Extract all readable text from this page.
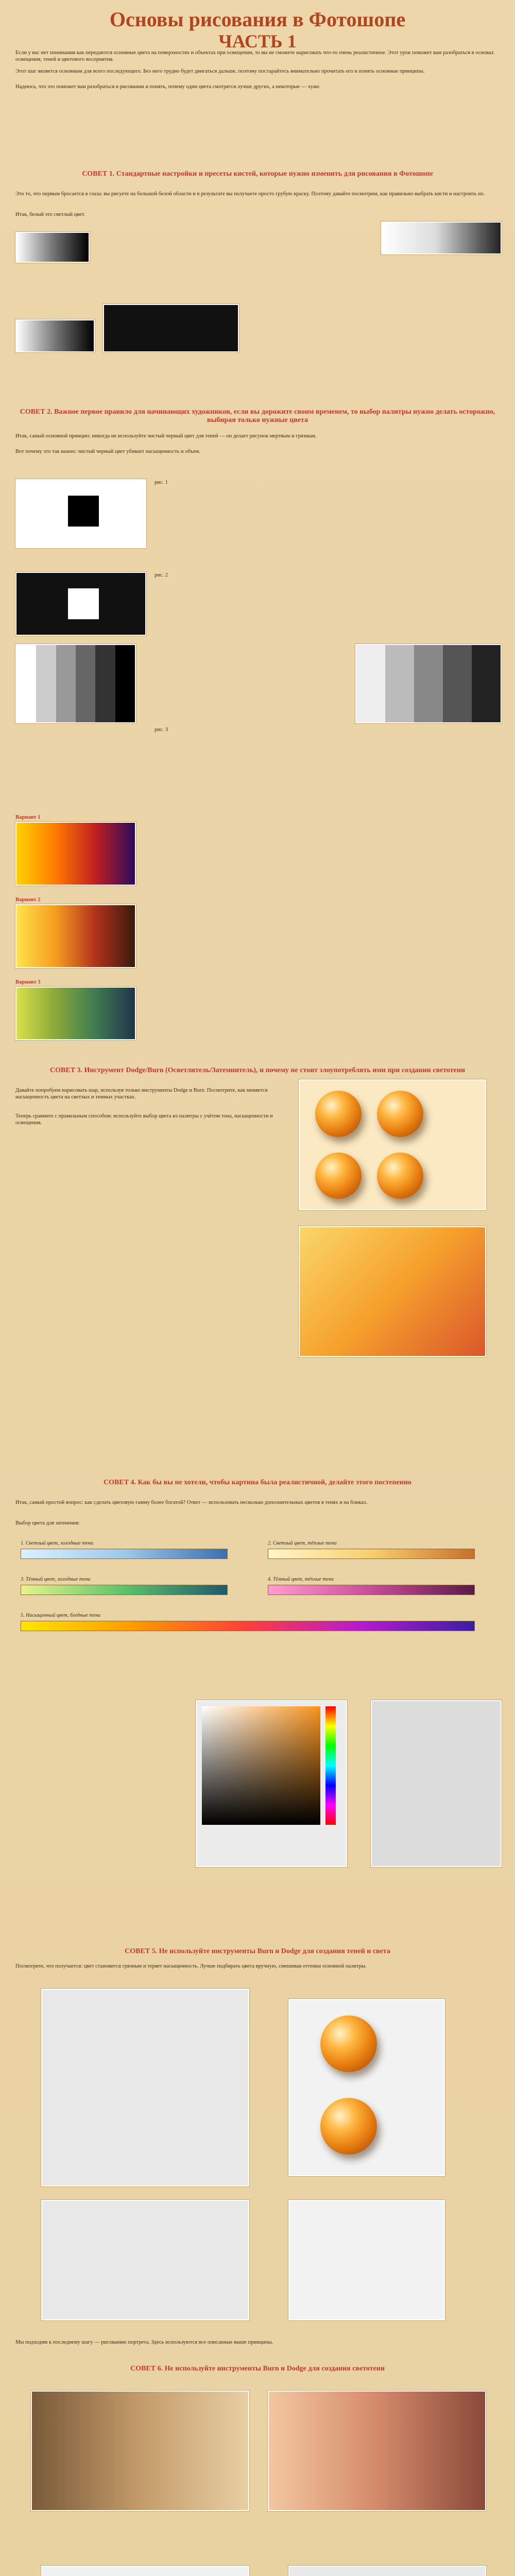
Основы рисования в Фотошопе
ЧАСТЬ 1

Если у вас нет понимания как передаются основные цвета на поверхностях и объектах при освещении, то вы не сможете нарисовать что-то очень реалистичное. Этот урок поможет вам разобраться в основах освещения, теней и цветового восприятия.

Этот шаг является основным для всего последующего. Без него трудно будет двигаться дальше, поэтому постарайтесь внимательно прочитать его и понять основные принципы.

Надеюсь, что это поможет вам разобраться в рисовании и понять, почему одни цвета смотрятся лучше других, а некоторые — хуже.

СОВЕТ 1. Стандартные настройки и пресеты кистей, которые нужно изменить для рисования в Фотошопе

Это то, что первым бросается в глаза: вы рисуете на большой белой области и в результате вы получаете просто грубую краску. Поэтому давайте посмотрим, как правильно выбрать кисти и настроить их.

Итак, белый это светлый цвет.

СОВЕТ 2. Важное первое правило для начинающих художников, если вы дорожите своим временем, то выбор палитры нужно делать осторожно, выбирая только нужные цвета

Итак, самый основной принцип: никогда не используйте чистый черный цвет для теней — он делает рисунок мертвым и грязным.

Вот почему это так важно: чистый черный цвет убивает насыщенность и объем.

рис. 1
рис. 2
рис. 3
Вариант 1
Вариант 2
Вариант 3

СОВЕТ 3. Инструмент Dodge/Burn (Осветлитель/Затемнитель), и почему не стоит злоупотреблять ими при создании светотени

Давайте попробуем нарисовать шар, используя только инструменты Dodge и Burn. Посмотрите, как меняется насыщенность цвета на светлых и темных участках.

Теперь сравните с правильным способом: используйте выбор цвета из палитры с учётом тона, насыщенности и освещения.

СОВЕТ 4. Как бы вы не хотели, чтобы картина была реалистичной, делайте этого постепенно

Итак, самый простой вопрос: как сделать цветовую гамму более богатой? Ответ — использовать несколько дополнительных цветов в тенях и на бликах.

Выбор цвета для затенения:

1. Светлый цвет, холодные тени	2. Светлый цвет, тёплые тени
3. Тёмный цвет, холодные тени	4. Тёмный цвет, тёплые тени
5. Насыщенный цвет, бледные тени

СОВЕТ 5. Не используйте инструменты Burn и Dodge для создания теней и света

Посмотрите, что получается: цвет становится грязным и теряет насыщенность. Лучше подбирать цвета вручную, смешивая оттенки основной палитры.

Мы подходим к последнему шагу — рисованию портрета. Здесь используются все описанные выше принципы.

СОВЕТ 6. Не используйте инструменты Burn и Dodge для создания светотени
